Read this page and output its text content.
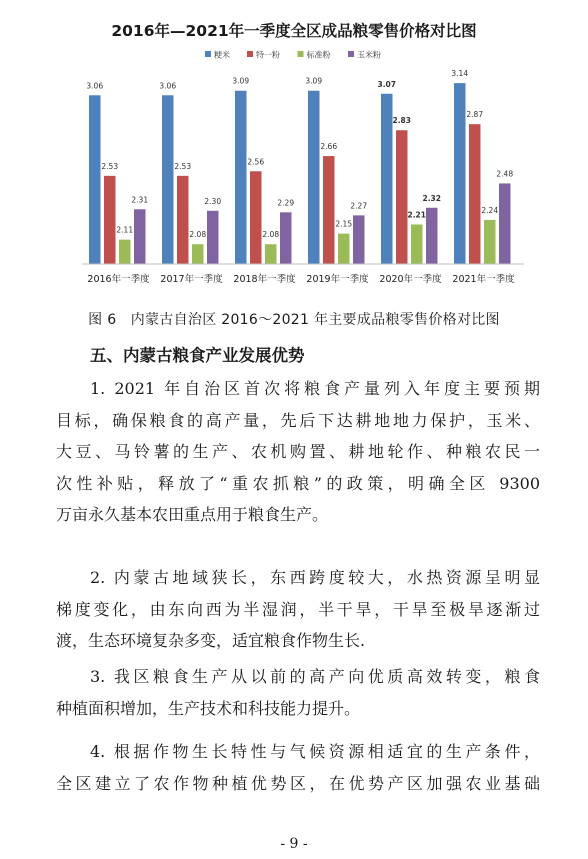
2016年—2021年一季度全区成品粮零售价格对比图
粳米	特一粉	标准粉	玉米粉
3.06
2.53
2.11
2.31
3.06
2.53
2.08
2.30
3.09
2.56
2.08
2.29
3.09
2.66
2.15
2.27
3.07
2.83
2.21
2.32
3.14
2.87
2.24
2.48
2016年一季度 2017年一季度 2018年一季度 2019年一季度 2020年一季度 2021年一季度
图 6　内蒙古自治区 2016～2021 年主要成品粮零售价格对比图
五、内蒙古粮食产业发展优势
1. 2021 年自治区首次将粮食产量列入年度主要预期
目标，确保粮食的高产量，先后下达耕地地力保护，玉米、
大豆、马铃薯的生产、农机购置、耕地轮作、种粮农民一
次性补贴，释放了“重农抓粮”的政策，明确全区 9300
万亩永久基本农田重点用于粮食生产。
2. 内蒙古地域狭长，东西跨度较大，水热资源呈明显
梯度变化，由东向西为半湿润，半干旱，干旱至极旱逐渐过
渡，生态环境复杂多变，适宜粮食作物生长.
3. 我区粮食生产从以前的高产向优质高效转变，粮食
种植面积增加，生产技术和科技能力提升。
4. 根据作物生长特性与气候资源相适宜的生产条件，
全区建立了农作物种植优势区，在优势产区加强农业基础
- 9 -
